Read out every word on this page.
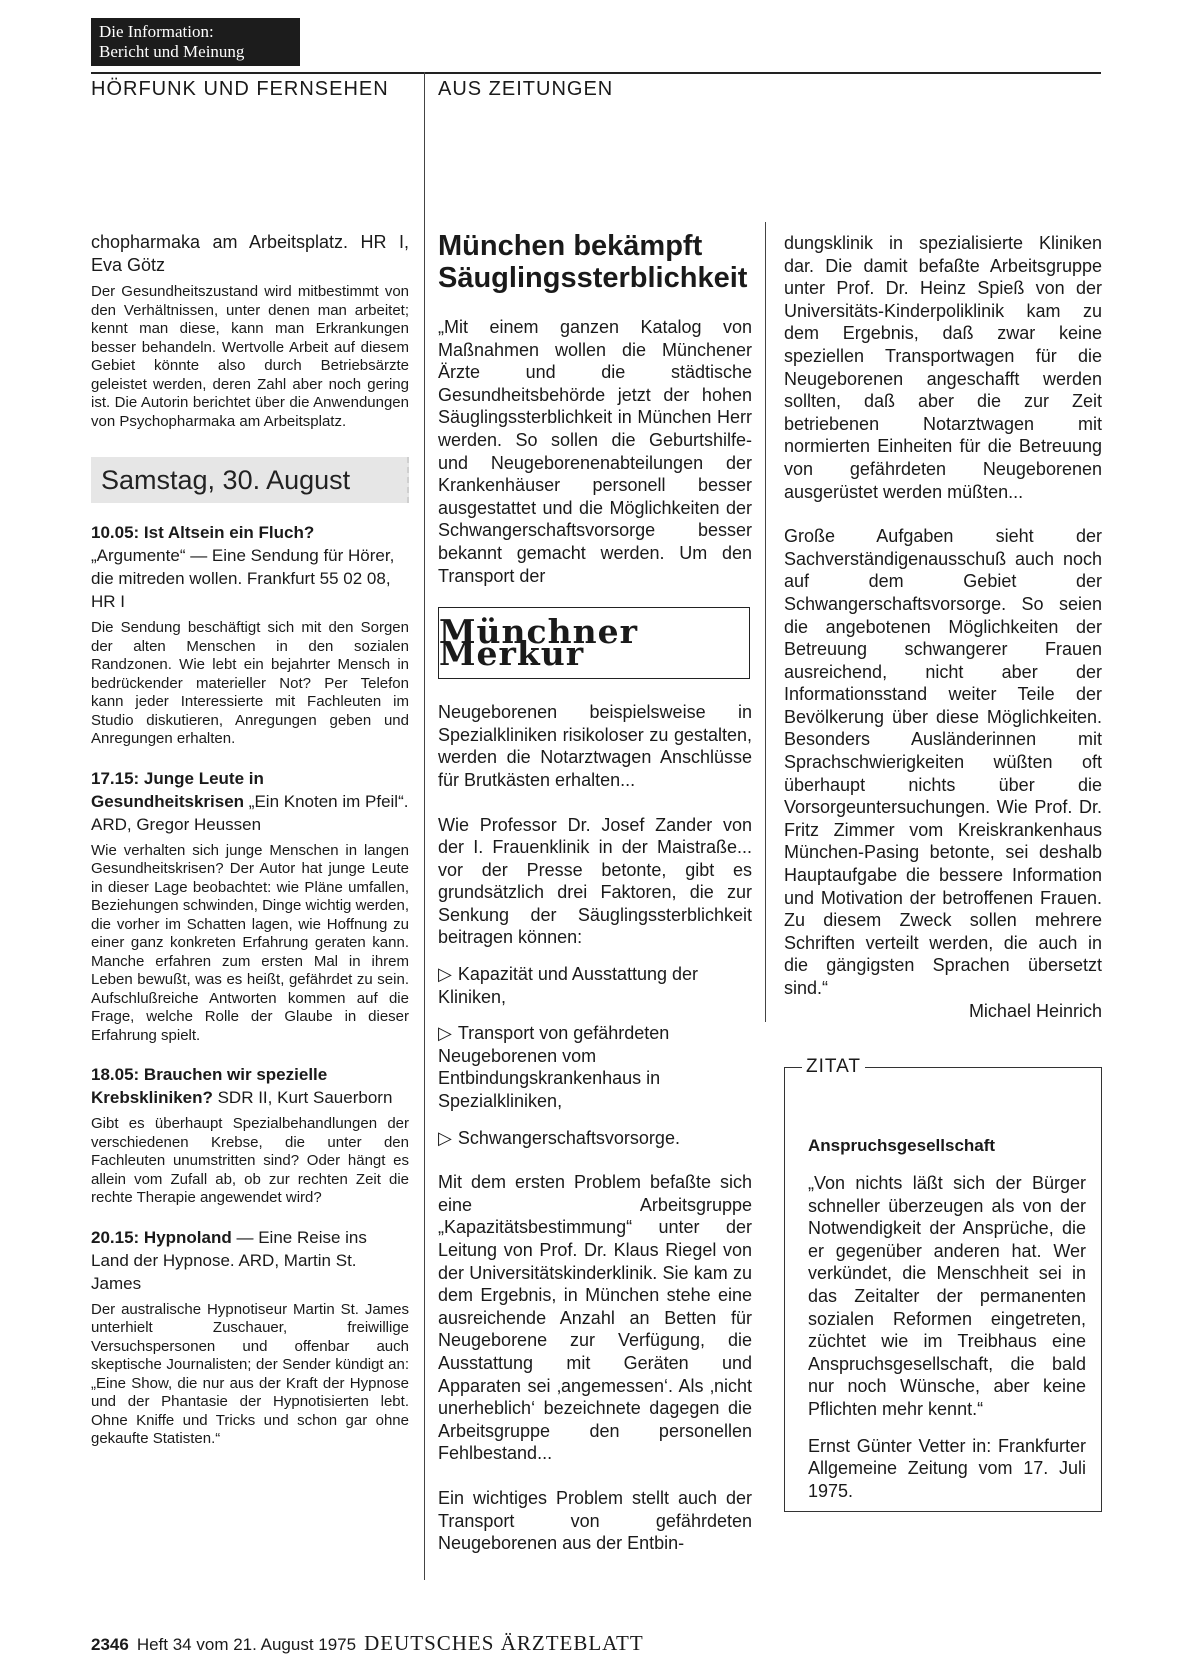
Die Information:
Bericht und Meinung
HÖRFUNK UND FERNSEHEN AUS ZEITUNGEN

chopharmaka am Arbeitsplatz. HR I, Eva Götz

Der Gesundheitszustand wird mitbestimmt von den Verhältnissen, unter denen man arbeitet; kennt man diese, kann man Erkrankungen besser behandeln. Wertvolle Arbeit auf diesem Gebiet könnte also durch Betriebsärzte geleistet werden, deren Zahl aber noch gering ist. Die Autorin berichtet über die Anwendungen von Psychopharmaka am Arbeitsplatz.

Samstag, 30. August

10.05: Ist Altsein ein Fluch? „Argumente“ — Eine Sendung für Hörer, die mitreden wollen. Frankfurt 55 02 08, HR I

Die Sendung beschäftigt sich mit den Sorgen der alten Menschen in den sozialen Randzonen. Wie lebt ein bejahrter Mensch in bedrückender materieller Not? Per Telefon kann jeder Interessierte mit Fachleuten im Studio diskutieren, Anregungen geben und Anregungen erhalten.

17.15: Junge Leute in Gesundheitskrisen „Ein Knoten im Pfeil“. ARD, Gregor Heussen

Wie verhalten sich junge Menschen in langen Gesundheitskrisen? Der Autor hat junge Leute in dieser Lage beobachtet: wie Pläne umfallen, Beziehungen schwinden, Dinge wichtig werden, die vorher im Schatten lagen, wie Hoffnung zu einer ganz konkreten Erfahrung geraten kann. Manche erfahren zum ersten Mal in ihrem Leben bewußt, was es heißt, gefährdet zu sein. Aufschlußreiche Antworten kommen auf die Frage, welche Rolle der Glaube in dieser Erfahrung spielt.

18.05: Brauchen wir spezielle Krebskliniken? SDR II, Kurt Sauerborn

Gibt es überhaupt Spezialbehandlungen der verschiedenen Krebse, die unter den Fachleuten unumstritten sind? Oder hängt es allein vom Zufall ab, ob zur rechten Zeit die rechte Therapie angewendet wird?

20.15: Hypnoland — Eine Reise ins Land der Hypnose. ARD, Martin St. James

Der australische Hypnotiseur Martin St. James unterhielt Zuschauer, freiwillige Versuchspersonen und offenbar auch skeptische Journalisten; der Sender kündigt an: „Eine Show, die nur aus der Kraft der Hypnose und der Phantasie der Hypnotisierten lebt. Ohne Kniffe und Tricks und schon gar ohne gekaufte Statisten.“

München bekämpft Säuglingssterblichkeit

„Mit einem ganzen Katalog von Maßnahmen wollen die Münchener Ärzte und die städtische Gesundheitsbehörde jetzt der hohen Säuglingssterblichkeit in München Herr werden. So sollen die Geburtshilfe- und Neugeborenenabteilungen der Krankenhäuser personell besser ausgestattet und die Möglichkeiten der Schwangerschaftsvorsorge besser bekannt gemacht werden. Um den Transport der

Münchner Merkur

Neugeborenen beispielsweise in Spezialkliniken risikoloser zu gestalten, werden die Notarztwagen Anschlüsse für Brutkästen erhalten...

Wie Professor Dr. Josef Zander von der I. Frauenklinik in der Maistraße... vor der Presse betonte, gibt es grundsätzlich drei Faktoren, die zur Senkung der Säuglingssterblichkeit beitragen können:

▷ Kapazität und Ausstattung der Kliniken,

▷ Transport von gefährdeten Neugeborenen vom Entbindungskrankenhaus in Spezialkliniken,

▷ Schwangerschaftsvorsorge.

Mit dem ersten Problem befaßte sich eine Arbeitsgruppe „Kapazitätsbestimmung“ unter der Leitung von Prof. Dr. Klaus Riegel von der Universitätskinderklinik. Sie kam zu dem Ergebnis, in München stehe eine ausreichende Anzahl an Betten für Neugeborene zur Verfügung, die Ausstattung mit Geräten und Apparaten sei ‚angemessen‘. Als ‚nicht unerheblich‘ bezeichnete dagegen die Arbeitsgruppe den personellen Fehlbestand...

Ein wichtiges Problem stellt auch der Transport von gefährdeten Neugeborenen aus der Entbin-

dungsklinik in spezialisierte Kliniken dar. Die damit befaßte Arbeitsgruppe unter Prof. Dr. Heinz Spieß von der Universitäts-Kinderpoliklinik kam zu dem Ergebnis, daß zwar keine speziellen Transportwagen für die Neugeborenen angeschafft werden sollten, daß aber die zur Zeit betriebenen Notarztwagen mit normierten Einheiten für die Betreuung von gefährdeten Neugeborenen ausgerüstet werden müßten...

Große Aufgaben sieht der Sachverständigenausschuß auch noch auf dem Gebiet der Schwangerschaftsvorsorge. So seien die angebotenen Möglichkeiten der Betreuung schwangerer Frauen ausreichend, nicht aber der Informationsstand weiter Teile der Bevölkerung über diese Möglichkeiten. Besonders Ausländerinnen mit Sprachschwierigkeiten wüßten oft überhaupt nichts über die Vorsorgeuntersuchungen. Wie Prof. Dr. Fritz Zimmer vom Kreiskrankenhaus München-Pasing betonte, sei deshalb Hauptaufgabe die bessere Information und Motivation der betroffenen Frauen. Zu diesem Zweck sollen mehrere Schriften verteilt werden, die auch in die gängigsten Sprachen übersetzt sind.“

Michael Heinrich

ZITAT

Anspruchsgesellschaft

„Von nichts läßt sich der Bürger schneller überzeugen als von der Notwendigkeit der Ansprüche, die er gegenüber anderen hat. Wer verkündet, die Menschheit sei in das Zeitalter der permanenten sozialen Reformen eingetreten, züchtet wie im Treibhaus eine Anspruchsgesellschaft, die bald nur noch Wünsche, aber keine Pflichten mehr kennt.“

Ernst Günter Vetter in: Frankfurter Allgemeine Zeitung vom 17. Juli 1975.

2346 Heft 34 vom 21. August 1975 DEUTSCHES ÄRZTEBLATT
